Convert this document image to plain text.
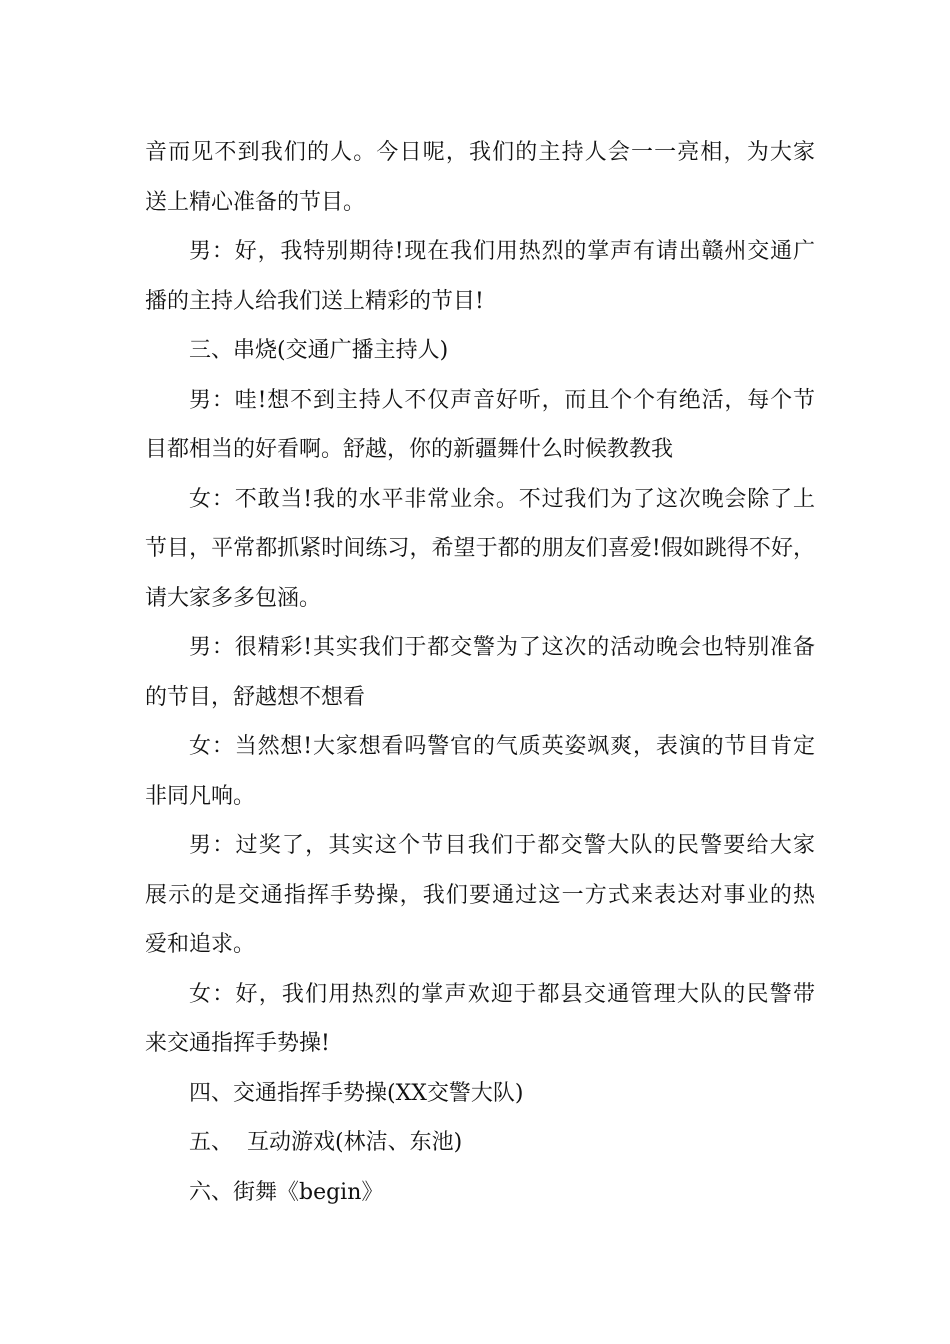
音而见不到我们的人。今日呢，我们的主持人会一一亮相，为大家
送上精心准备的节目。
男：好，我特别期待!现在我们用热烈的掌声有请出赣州交通广
播的主持人给我们送上精彩的节目!
三、串烧(交通广播主持人)
男：哇!想不到主持人不仅声音好听，而且个个有绝活，每个节
目都相当的好看啊。舒越，你的新疆舞什么时候教教我
女：不敢当!我的水平非常业余。不过我们为了这次晚会除了上
节目，平常都抓紧时间练习，希望于都的朋友们喜爱!假如跳得不好，
请大家多多包涵。
男：很精彩!其实我们于都交警为了这次的活动晚会也特别准备
的节目，舒越想不想看
女：当然想!大家想看吗警官的气质英姿飒爽，表演的节目肯定
非同凡响。
男：过奖了，其实这个节目我们于都交警大队的民警要给大家
展示的是交通指挥手势操，我们要通过这一方式来表达对事业的热
爱和追求。
女：好，我们用热烈的掌声欢迎于都县交通管理大队的民警带
来交通指挥手势操!
四、交通指挥手势操(XX交警大队)
五、  互动游戏(林洁、东池)
六、街舞《begin》
